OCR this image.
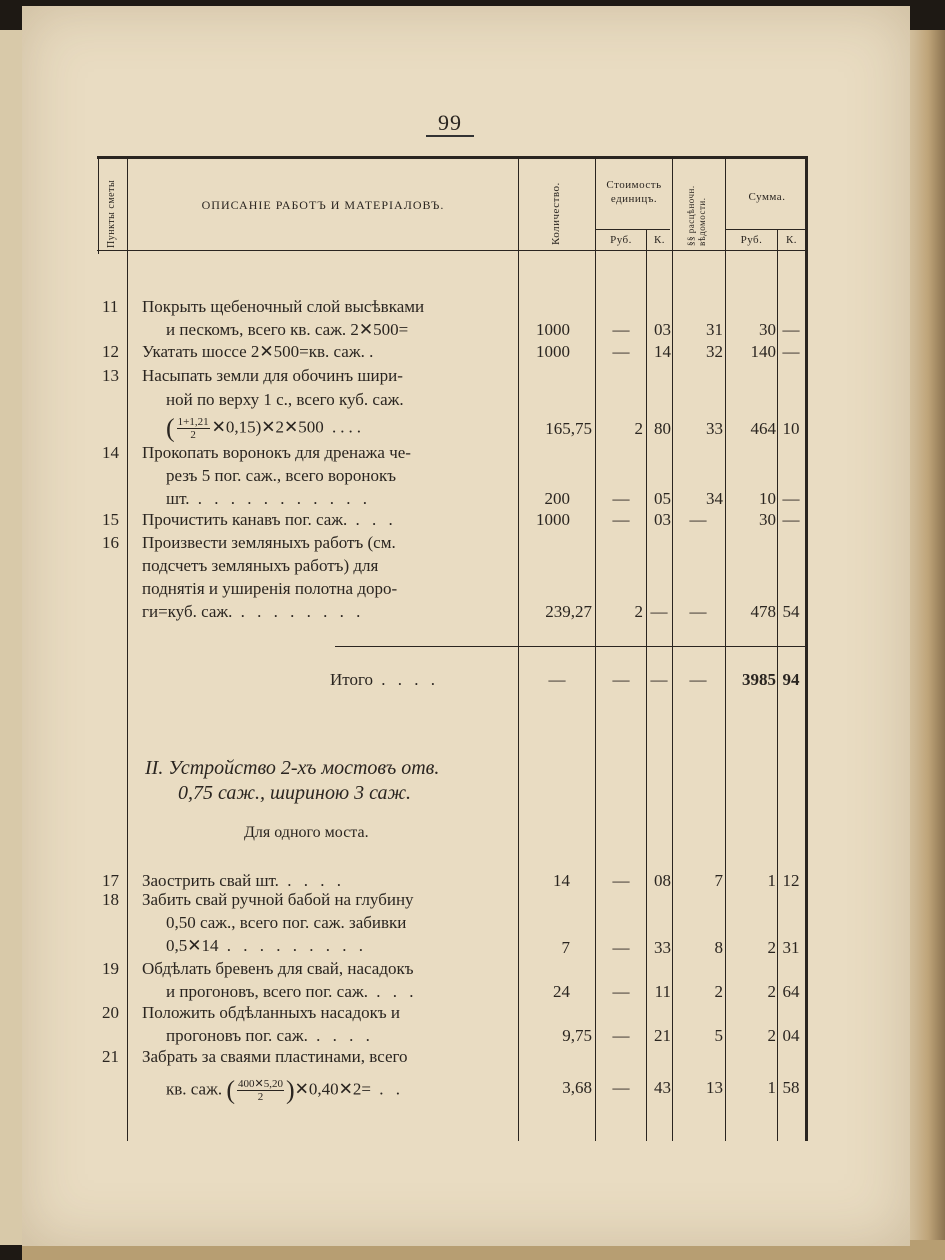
99
Пункты сметы	ОПИСАНІЕ РАБОТЪ И МАТЕРІАЛОВЪ.	Количество.	Стоимость единицъ.
Руб.	К.	§§ расцѣночн. вѣдомости.
Сумма.
Руб.	К.
11 Покрыть щебеночный слой высѣвками
и пескомъ, всего кв. саж. 2✕500=	1000	—	03	31	30 —
12 Укатать шоссе 2✕500=кв. саж. .	1000	—	14	32	140 —
13 Насыпать земли для обочинъ шири-
ной по верху 1 с., всего куб. саж.
( $\frac{1+1,21}{2}$ ✕0,15)✕2✕500 ....	165,75	2 80	33	464 10
14 Прокопать воронокъ для дренажа че-
резъ 5 пог. саж., всего воронокъ
шт. . . . . . . . . . . .	200	—	05	34	10 —
15 Прочистить канавъ пог. саж. . . .	1000	—	03	—	30 —
16 Произвести земляныхъ работъ (см.
подсчетъ земляныхъ работъ) для
поднятія и уширенія полотна доро-
ги=куб. саж. . . . . . . . .	239,27	2 —	—	478 54
Итого . . . .	—	—	—	—	3985 94
II. Устройство 2-хъ мостовъ отв.
0,75 саж., шириною 3 саж.
Для одного моста.
17 Заострить свай шт. . . . .	14	—	08	7	1 12
18 Забить свай ручной бабой на глубину
0,50 саж., всего пог. саж. забивки
0,5✕14 . . . . . . . . .	7	—	33	8	2 31
19 Обдѣлать бревенъ для свай, насадокъ
и прогоновъ, всего пог. саж. . . .	24	—	11	2	2 64
20 Положить обдѣланныхъ насадокъ и
прогоновъ пог. саж. . . . .	9,75	—	21	5	2 04
21 Забрать за сваями пластинами, всего
кв. саж. ( $\frac{400✕5,20}{2}$ )✕0,40✕2= . .	3,68	—	43	13	1 58
